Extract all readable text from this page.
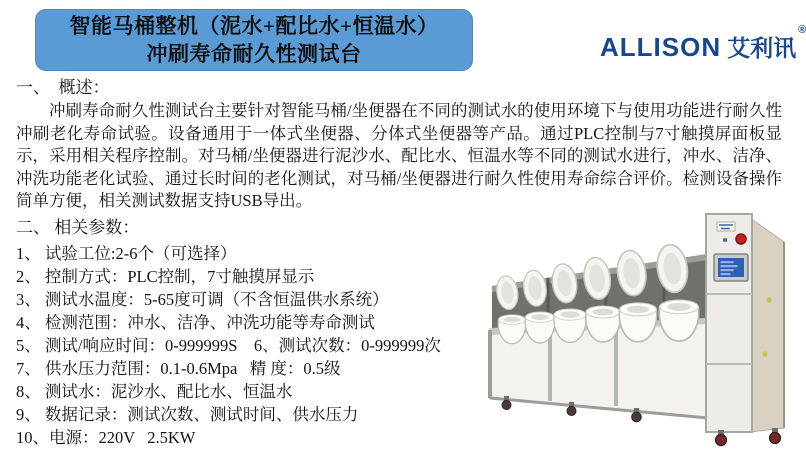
智能马桶整机（泥水+配比水+恒温水）
冲刷寿命耐久性测试台	ALLISON 艾利讯®
一、  概述：

冲刷寿命耐久性测试台主要针对智能马桶/坐便器在不同的测试水的使用环境下与使用功能进行耐久性冲刷老化寿命试验。设备通用于一体式坐便器、分体式坐便器等产品。通过PLC控制与7寸触摸屏面板显示，采用相关程序控制。对马桶/坐便器进行泥沙水、配比水、恒温水等不同的测试水进行，冲水、洁净、冲洗功能老化试验、通过长时间的老化测试，对马桶/坐便器进行耐久性使用寿命综合评价。检测设备操作简单方便，相关测试数据支持USB导出。

二、 相关参数：
1、 试验工位:2-6个（可选择）
2、 控制方式：PLC控制，7寸触摸屏显示
3、 测试水温度：5-65度可调（不含恒温供水系统）
4、 检测范围：冲水、洁净、冲洗功能等寿命测试
5、 测试/响应时间：0-999999S    6、测试次数：0-999999次
7、 供水压力范围：0.1-0.6Mpa   精 度：0.5级
8、 测试水：泥沙水、配比水、恒温水
9、 数据记录：测试次数、测试时间、供水压力
10、电源：220V   2.5KW
